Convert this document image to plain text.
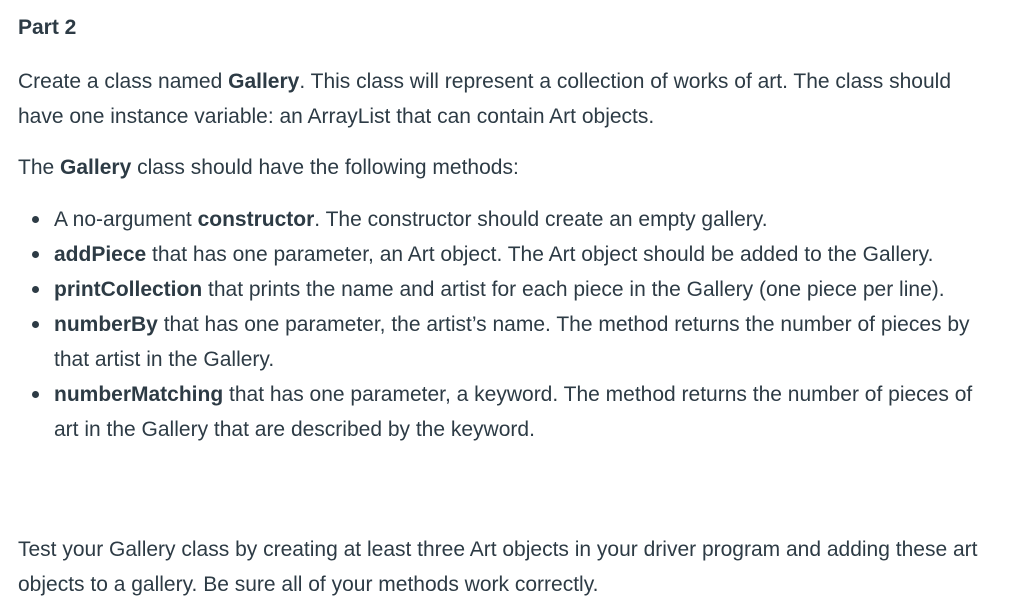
Part 2

Create a class named Gallery. This class will represent a collection of works of art. The class should have one instance variable: an ArrayList that can contain Art objects.

The Gallery class should have the following methods:

A no-argument constructor. The constructor should create an empty gallery.
addPiece that has one parameter, an Art object. The Art object should be added to the Gallery.
printCollection that prints the name and artist for each piece in the Gallery (one piece per line).
numberBy that has one parameter, the artist’s name. The method returns the number of pieces by that artist in the Gallery.
numberMatching that has one parameter, a keyword. The method returns the number of pieces of art in the Gallery that are described by the keyword.

Test your Gallery class by creating at least three Art objects in your driver program and adding these art objects to a gallery. Be sure all of your methods work correctly.
